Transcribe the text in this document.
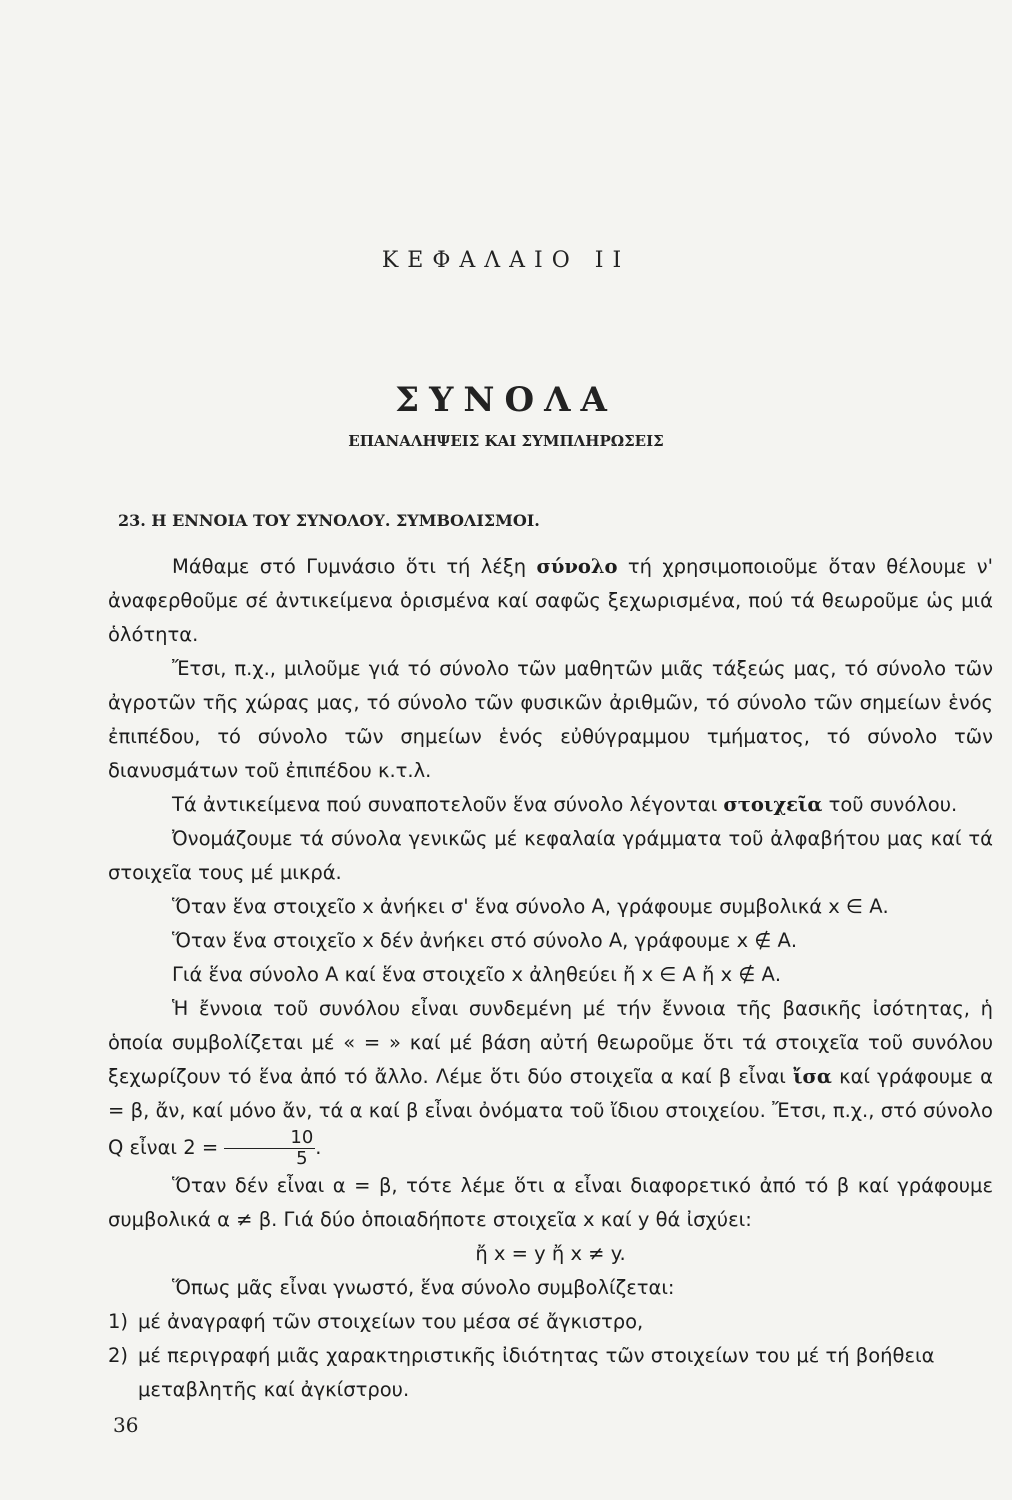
ΚΕΦΑΛΑΙΟ II
ΣΥΝΟΛΑ
ΕΠΑΝΑΛΗΨΕΙΣ ΚΑΙ ΣΥΜΠΛΗΡΩΣΕΙΣ
23. Η ΕΝΝΟΙΑ ΤΟΥ ΣΥΝΟΛΟΥ. ΣΥΜΒΟΛΙΣΜΟΙ.

Μάθαμε στό Γυμνάσιο ὅτι τή λέξη σύνολο τή χρησιμοποιοῦμε ὅταν θέλουμε ν' ἀναφερθοῦμε σέ ἀντικείμενα ὁρισμένα καί σαφῶς ξεχωρισμένα, πού τά θεωροῦμε ὡς μιά ὁλότητα.

Ἔτσι, π.χ., μιλοῦμε γιά τό σύνολο τῶν μαθητῶν μιᾶς τάξεώς μας, τό σύνολο τῶν ἀγροτῶν τῆς χώρας μας, τό σύνολο τῶν φυσικῶν ἀριθμῶν, τό σύνολο τῶν σημείων ἑνός ἐπιπέδου, τό σύνολο τῶν σημείων ἑνός εὐθύγραμμου τμήματος, τό σύνολο τῶν διανυσμάτων τοῦ ἐπιπέδου κ.τ.λ.

Τά ἀντικείμενα πού συναποτελοῦν ἕνα σύνολο λέγονται στοιχεῖα τοῦ συνόλου.

Ὀνομάζουμε τά σύνολα γενικῶς μέ κεφαλαία γράμματα τοῦ ἀλφαβήτου μας καί τά στοιχεῖα τους μέ μικρά.

Ὅταν ἕνα στοιχεῖο x ἀνήκει σ' ἕνα σύνολο Α, γράφουμε συμβολικά x ∈ Α.

Ὅταν ἕνα στοιχεῖο x δέν ἀνήκει στό σύνολο Α, γράφουμε x ∉ Α.

Γιά ἕνα σύνολο Α καί ἕνα στοιχεῖο x ἀληθεύει ἤ x ∈ Α ἤ x ∉ Α.

Ἡ ἔννοια τοῦ συνόλου εἶναι συνδεμένη μέ τήν ἔννοια τῆς βασικῆς ἰσότητας, ἡ ὁποία συμβολίζεται μέ « = » καί μέ βάση αὐτή θεωροῦμε ὅτι τά στοιχεῖα τοῦ συνόλου ξεχωρίζουν τό ἕνα ἀπό τό ἄλλο. Λέμε ὅτι δύο στοιχεῖα α καί β εἶναι ἴσα καί γράφουμε α = β, ἄν, καί μόνο ἄν, τά α καί β εἶναι ὀνόματα τοῦ ἴδιου στοιχείου. Ἔτσι, π.χ., στό σύνολο Q εἶναι $2 = \frac{10}{5}$ .

Ὅταν δέν εἶναι α = β, τότε λέμε ὅτι α εἶναι διαφορετικό ἀπό τό β καί γράφουμε συμβολικά α ≠ β. Γιά δύο ὁποιαδήποτε στοιχεῖα x καί y θά ἰσχύει:

ἤ x = y ἤ x ≠ y.

Ὅπως μᾶς εἶναι γνωστό, ἕνα σύνολο συμβολίζεται:

1) μέ ἀναγραφή τῶν στοιχείων του μέσα σέ ἄγκιστρο,
2) μέ περιγραφή μιᾶς χαρακτηριστικῆς ἰδιότητας τῶν στοιχείων του μέ τή βοήθεια μεταβλητῆς καί ἀγκίστρου.
36
